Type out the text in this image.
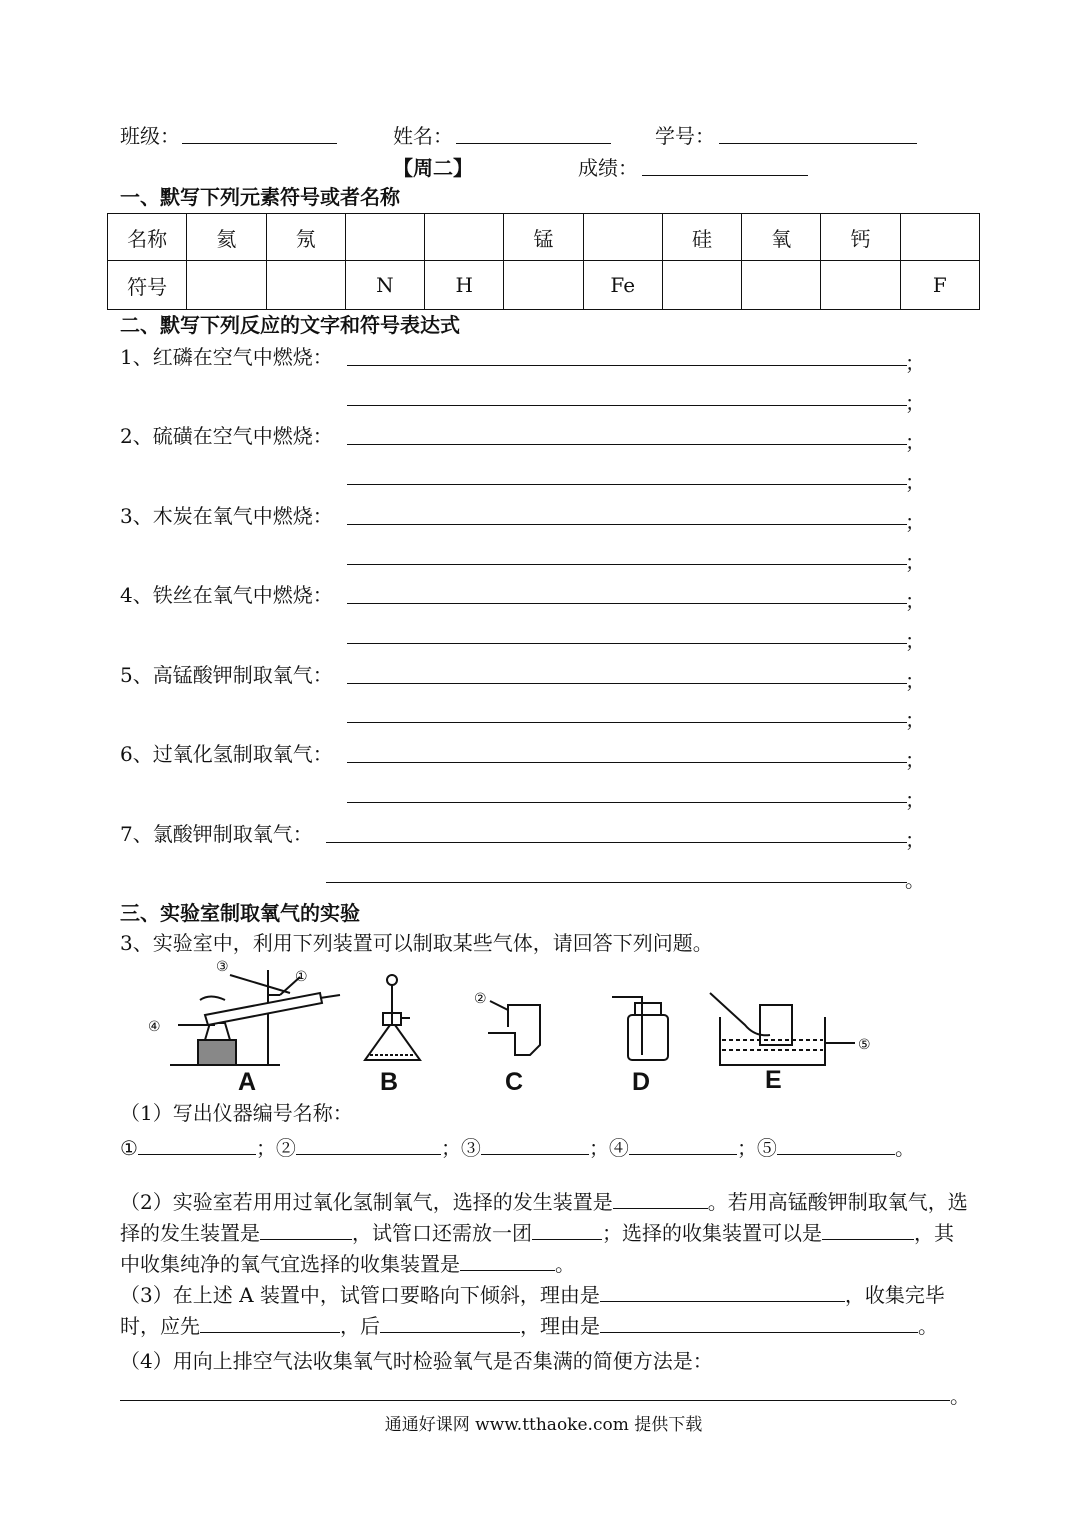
班级：	姓名：	学号：
【周二】	成绩：
一、默写下列元素符号或者名称
名称	氦	氖			锰		硅	氧	钙	
符号			N	H		Fe				F
二、默写下列反应的文字和符号表达式
1、红磷在空气中燃烧：	；
；
2、硫磺在空气中燃烧：	；
；
3、木炭在氧气中燃烧：	；
；
4、铁丝在氧气中燃烧：	；
；
5、高锰酸钾制取氧气：	；
；
6、过氧化氢制取氧气：	；
；
7、氯酸钾制取氧气：	；
。
三、实验室制取氧气的实验
3、实验室中，利用下列装置可以制取某些气体，请回答下列问题。
③
①
④
②
⑤
A	B	C	D	E
（1）写出仪器编号名称：
①	；②	；③	；④	；⑤	。
（2）实验室若用用过氧化氢制氧气，选择的发生装置是	。若用高锰酸钾制取氧气，选择的发生装置是	，试管口还需放一团	；选择的收集装置可以是	，其中收集纯净的氧气宜选择的收集装置是	。
（3）在上述 A 装置中，试管口要略向下倾斜，理由是	，收集完毕时，应先	，后	，理由是	。
（4）用向上排空气法收集氧气时检验氧气是否集满的简便方法是：
。
通通好课网 www.tthaoke.com 提供下载
